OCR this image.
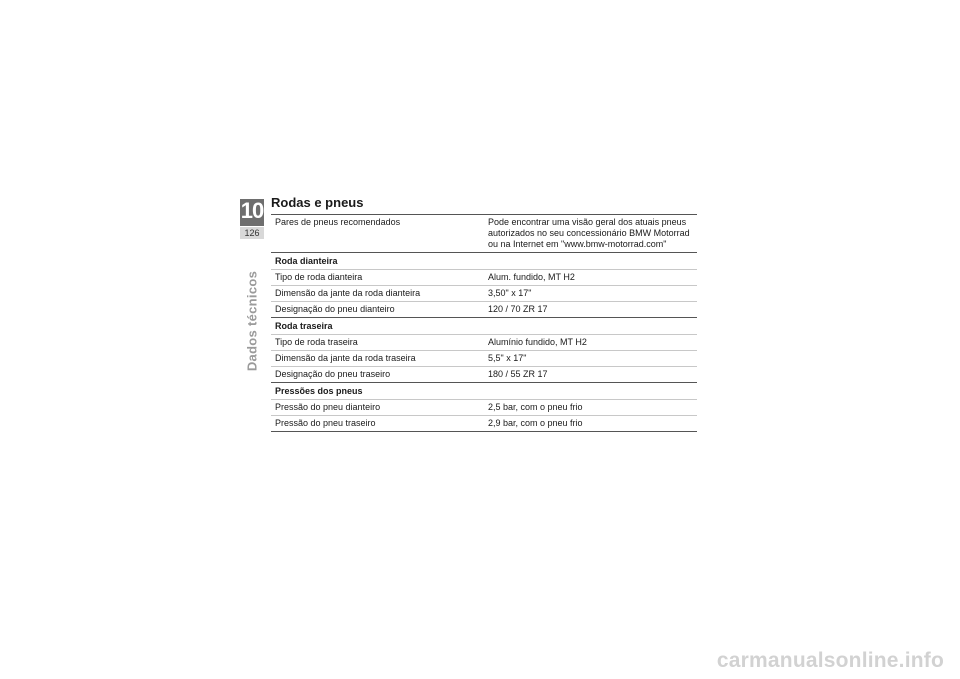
10
126
Dados técnicos
Rodas e pneus
Pares de pneus recomendados	Pode encontrar uma visão geral dos atuais pneus autorizados no seu concessionário BMW Motorrad ou na Internet em "www.bmw-motorrad.com"
Roda dianteira
Tipo de roda dianteira	Alum. fundido, MT H2
Dimensão da jante da roda dianteira	3,50" x 17"
Designação do pneu dianteiro	120 / 70 ZR 17
Roda traseira
Tipo de roda traseira	Alumínio fundido, MT H2
Dimensão da jante da roda traseira	5,5" x 17"
Designação do pneu traseiro	180 / 55 ZR 17
Pressões dos pneus
Pressão do pneu dianteiro	2,5 bar, com o pneu frio
Pressão do pneu traseiro	2,9 bar, com o pneu frio
carmanualsonline.info
